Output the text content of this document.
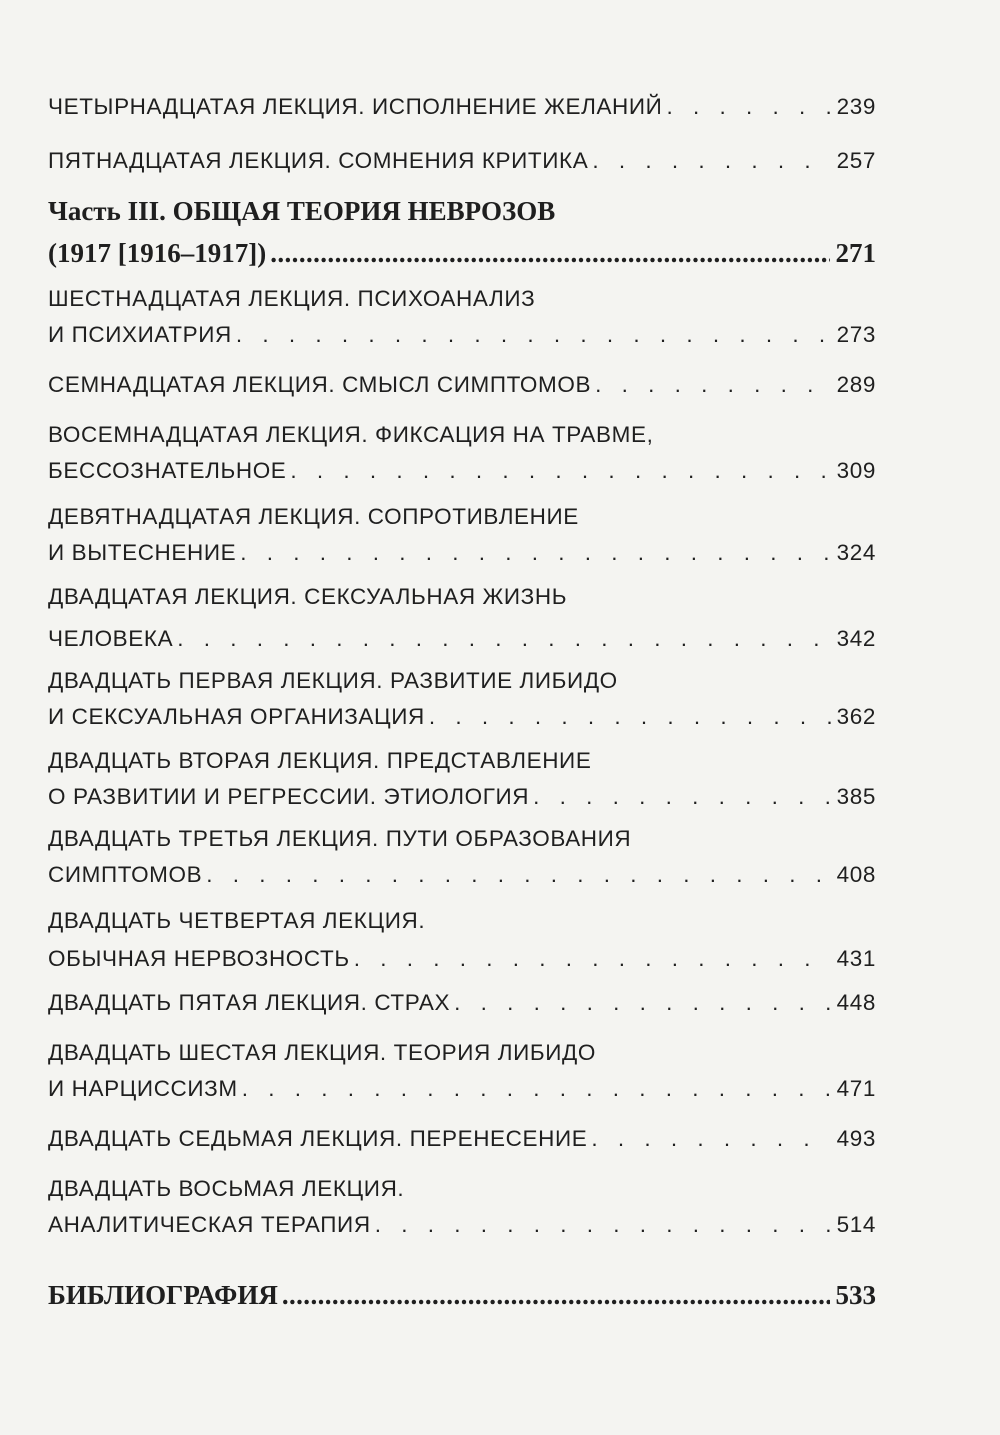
ЧЕТЫРНАДЦАТАЯ ЛЕКЦИЯ. ИСПОЛНЕНИЕ ЖЕЛАНИЙ . . .	239
ПЯТНАДЦАТАЯ ЛЕКЦИЯ. СОМНЕНИЯ КРИТИКА . . .	257
Часть III. ОБЩАЯ ТЕОРИЯ НЕВРОЗОВ
(1917 [1916–1917]) .....	271
ШЕСТНАДЦАТАЯ ЛЕКЦИЯ. ПСИХОАНАЛИЗ
И ПСИХИАТРИЯ . . .	273
СЕМНАДЦАТАЯ ЛЕКЦИЯ. СМЫСЛ СИМПТОМОВ . . .	289
ВОСЕМНАДЦАТАЯ ЛЕКЦИЯ. ФИКСАЦИЯ НА ТРАВМЕ,
БЕССОЗНАТЕЛЬНОЕ . . .	309
ДЕВЯТНАДЦАТАЯ ЛЕКЦИЯ. СОПРОТИВЛЕНИЕ
И ВЫТЕСНЕНИЕ . . .	324
ДВАДЦАТАЯ ЛЕКЦИЯ. СЕКСУАЛЬНАЯ ЖИЗНЬ
ЧЕЛОВЕКА . . .	342
ДВАДЦАТЬ ПЕРВАЯ ЛЕКЦИЯ. РАЗВИТИЕ ЛИБИДО
И СЕКСУАЛЬНАЯ ОРГАНИЗАЦИЯ . . .	362
ДВАДЦАТЬ ВТОРАЯ ЛЕКЦИЯ. ПРЕДСТАВЛЕНИЕ
О РАЗВИТИИ И РЕГРЕССИИ. ЭТИОЛОГИЯ . . .	385
ДВАДЦАТЬ ТРЕТЬЯ ЛЕКЦИЯ. ПУТИ ОБРАЗОВАНИЯ
СИМПТОМОВ . . .	408
ДВАДЦАТЬ ЧЕТВЕРТАЯ ЛЕКЦИЯ.
ОБЫЧНАЯ НЕРВОЗНОСТЬ . . .	431
ДВАДЦАТЬ ПЯТАЯ ЛЕКЦИЯ. СТРАХ . . .	448
ДВАДЦАТЬ ШЕСТАЯ ЛЕКЦИЯ. ТЕОРИЯ ЛИБИДО
И НАРЦИССИЗМ . . .	471
ДВАДЦАТЬ СЕДЬМАЯ ЛЕКЦИЯ. ПЕРЕНЕСЕНИЕ . . .	493
ДВАДЦАТЬ ВОСЬМАЯ ЛЕКЦИЯ.
АНАЛИТИЧЕСКАЯ ТЕРАПИЯ . . .	514
БИБЛИОГРАФИЯ .....	533
